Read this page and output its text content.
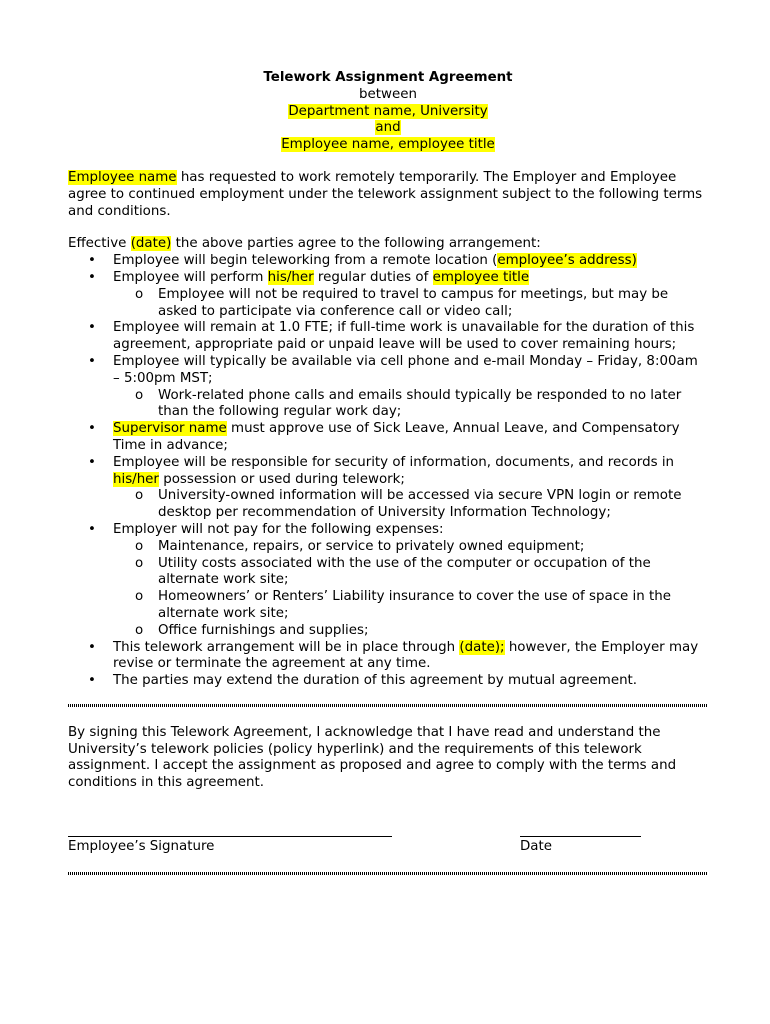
Telework Assignment Agreement

between

Department name, University

and

Employee name, employee title

Employee name has requested to work remotely temporarily. The Employer and Employee agree to continued employment under the telework assignment subject to the following terms and conditions.

Effective (date) the above parties agree to the following arrangement:

• Employee will begin teleworking from a remote location (employee’s address)
• Employee will perform his/her regular duties of employee title
o Employee will not be required to travel to campus for meetings, but may be asked to participate via conference call or video call;
• Employee will remain at 1.0 FTE; if full-time work is unavailable for the duration of this agreement, appropriate paid or unpaid leave will be used to cover remaining hours;
• Employee will typically be available via cell phone and e-mail Monday – Friday, 8:00am – 5:00pm MST;
o Work-related phone calls and emails should typically be responded to no later than the following regular work day;
• Supervisor name must approve use of Sick Leave, Annual Leave, and Compensatory Time in advance;
• Employee will be responsible for security of information, documents, and records in his/her possession or used during telework;
o University-owned information will be accessed via secure VPN login or remote desktop per recommendation of University Information Technology;
• Employer will not pay for the following expenses:
o Maintenance, repairs, or service to privately owned equipment;
o Utility costs associated with the use of the computer or occupation of the alternate work site;
o Homeowners’ or Renters’ Liability insurance to cover the use of space in the alternate work site;
o Office furnishings and supplies;
• This telework arrangement will be in place through (date); however, the Employer may revise or terminate the agreement at any time.
• The parties may extend the duration of this agreement by mutual agreement.

By signing this Telework Agreement, I acknowledge that I have read and understand the University’s telework policies (policy hyperlink) and the requirements of this telework assignment. I accept the assignment as proposed and agree to comply with the terms and conditions in this agreement.

Employee’s Signature	Date
